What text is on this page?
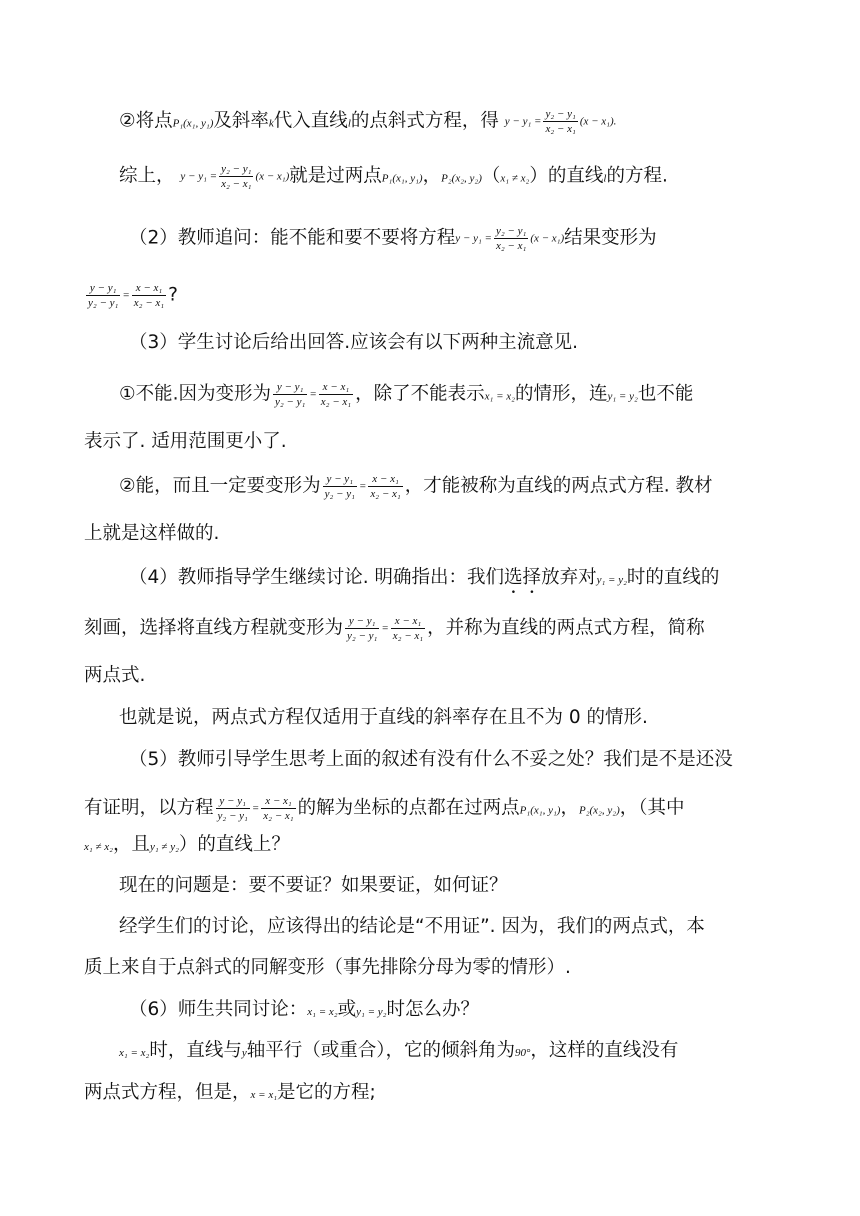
②将点P₁(x₁, y₁)及斜率k代入直线l的点斜式方程，得 $y - y_1 = \frac{\text{y₂ − y₁}}{\text{x₂ − x₁}} (x - x_1)$.
综上， $y - y_1 = \frac{\text{y₂ − y₁}}{\text{x₂ − x₁}} (x - x_1)$就是过两点P₁(x₁, y₁)，P₂(x₂, y₂)（x₁ ≠ x₂）的直线l的方程.
（2）教师追问：能不能和要不要将方程$y - y_1 = \frac{\text{y₂ − y₁}}{\text{x₂ − x₁}} (x - x_1)$结果变形为
$\frac{\text{y − y₁}}{\text{y₂ − y₁}} = \frac{\text{x − x₁}}{\text{x₂ − x₁}}$ ?
（3）学生讨论后给出回答.应该会有以下两种主流意见.
①不能.因为变形为 $\frac{\text{y − y₁}}{\text{y₂ − y₁}} = \frac{\text{x − x₁}}{\text{x₂ − x₁}}$ ，除了不能表示x₁ = x₂的情形，连y₁ = y₂也不能
表示了. 适用范围更小了.
②能，而且一定要变形为 $\frac{\text{y − y₁}}{\text{y₂ − y₁}} = \frac{\text{x − x₁}}{\text{x₂ − x₁}}$ ，才能被称为直线的两点式方程. 教材
上就是这样做的.
（4）教师指导学生继续讨论. 明确指出：我们选择放弃对y₁ = y₂时的直线的
刻画，选择将直线方程就变形为 $\frac{\text{y − y₁}}{\text{y₂ − y₁}} = \frac{\text{x − x₁}}{\text{x₂ − x₁}}$ ，并称为直线的两点式方程，简称
两点式.
也就是说，两点式方程仅适用于直线的斜率存在且不为 0 的情形.
（5）教师引导学生思考上面的叙述有没有什么不妥之处？我们是不是还没
有证明，以方程 $\frac{\text{y − y₁}}{\text{y₂ − y₁}} = \frac{\text{x − x₁}}{\text{x₂ − x₁}}$ 的解为坐标的点都在过两点P₁(x₁, y₁)，P₂(x₂, y₂)，（其中
x₁ ≠ x₂，且y₁ ≠ y₂）的直线上？
现在的问题是：要不要证？如果要证，如何证？
经学生们的讨论，应该得出的结论是“不用证”. 因为，我们的两点式，本
质上来自于点斜式的同解变形（事先排除分母为零的情形）.
（6）师生共同讨论：x₁ = x₂或y₁ = y₂时怎么办？
x₁ = x₂时，直线与y轴平行（或重合），它的倾斜角为90°，这样的直线没有
两点式方程，但是，x = x₁是它的方程;
